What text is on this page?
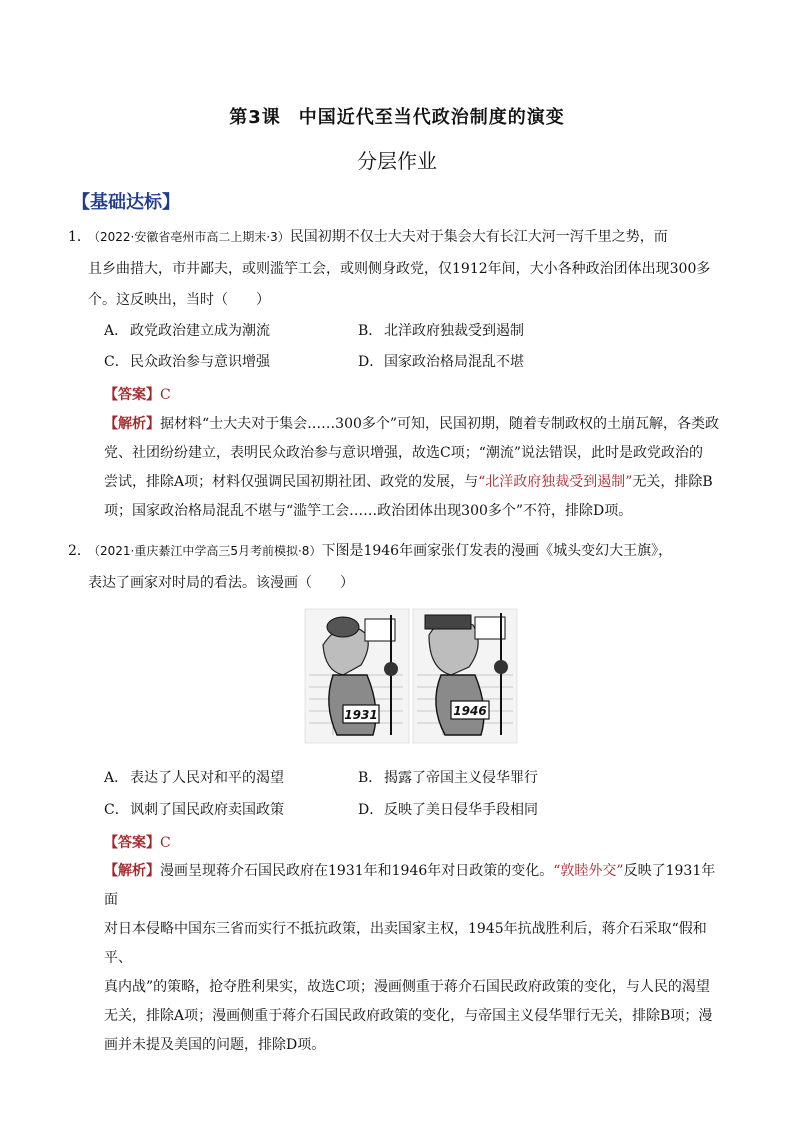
第3课 中国近代至当代政治制度的演变
分层作业
【基础达标】
1．
（2022·安徽省亳州市高二上期末·3）民国初期不仅士大夫对于集会大有长江大河一泻千里之势，而
且乡曲措大，市井鄙夫，或则滥竽工会，或则侧身政党，仅1912年间，大小各种政治团体出现300多
个。这反映出，当时（　　）
A． 政党政治建立成为潮流	B． 北洋政府独裁受到遏制
C．民众政治参与意识增强	D．国家政治格局混乱不堪
【答案】C
【解析】据材料“士大夫对于集会……300多个”可知，民国初期，随着专制政权的土崩瓦解，各类政
党、社团纷纷建立，表明民众政治参与意识增强，故选C项；“潮流”说法错误，此时是政党政治的
尝试，排除A项；材料仅强调民国初期社团、政党的发展，与“北洋政府独裁受到遏制”无关，排除B
项；国家政治格局混乱不堪与“滥竽工会……政治团体出现300多个”不符，排除D项。
2．
（2021·重庆綦江中学高三5月考前模拟·8）下图是1946年画家张仃发表的漫画《城头变幻大王旗》，
表达了画家对时局的看法。该漫画（　　）
1931	1946
A． 表达了人民对和平的渴望	B． 揭露了帝国主义侵华罪行
C．讽刺了国民政府卖国政策	D．反映了美日侵华手段相同
【答案】C
【解析】漫画呈现蒋介石国民政府在1931年和1946年对日政策的变化。“敦睦外交”反映了1931年面
对日本侵略中国东三省而实行不抵抗政策，出卖国家主权，1945年抗战胜利后，蒋介石采取“假和平、
真内战”的策略，抢夺胜利果实，故选C项；漫画侧重于蒋介石国民政府政策的变化，与人民的渴望
无关，排除A项；漫画侧重于蒋介石国民政府政策的变化，与帝国主义侵华罪行无关，排除B项；漫
画并未提及美国的问题，排除D项。
